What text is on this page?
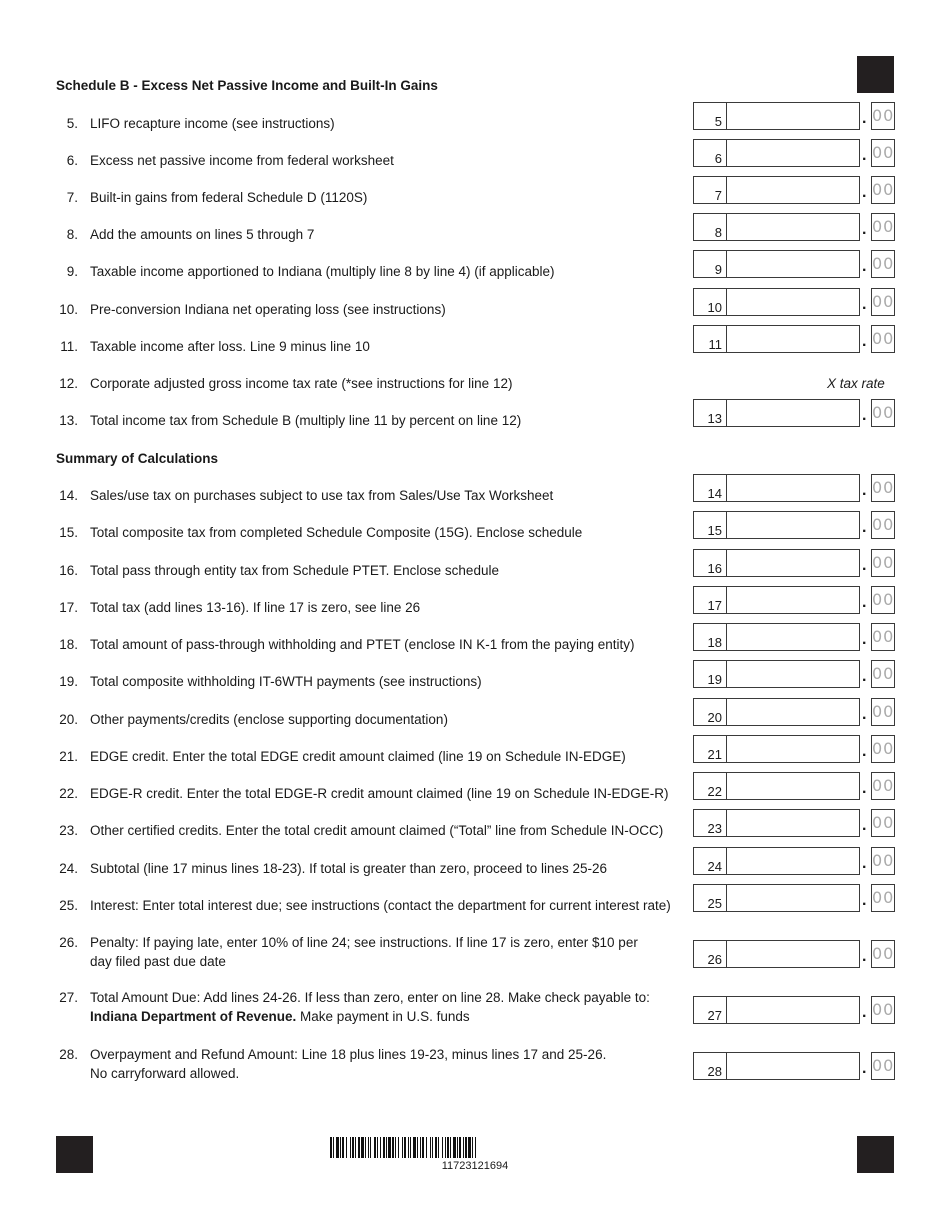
Schedule B - Excess Net Passive Income and Built-In Gains
Summary of Calculations
5. LIFO recapture income (see instructions)	5	. 00
6. Excess net passive income from federal worksheet	6	. 00
7. Built-in gains from federal Schedule D (1120S)	7	. 00
8. Add the amounts on lines 5 through 7	8	. 00
9. Taxable income apportioned to Indiana (multiply line 8 by line 4) (if applicable)	9	. 00
10. Pre-conversion Indiana net operating loss (see instructions)	10	. 00
11. Taxable income after loss. Line 9 minus line 10	11	. 00
12. Corporate adjusted gross income tax rate (*see instructions for line 12)	X tax rate
13. Total income tax from Schedule B (multiply line 11 by percent on line 12)	13	. 00
14. Sales/use tax on purchases subject to use tax from Sales/Use Tax Worksheet	14	. 00
15. Total composite tax from completed Schedule Composite (15G). Enclose schedule	15	. 00
16. Total pass through entity tax from Schedule PTET. Enclose schedule	16	. 00
17. Total tax (add lines 13-16). If line 17 is zero, see line 26	17	. 00
18. Total amount of pass-through withholding and PTET (enclose IN K-1 from the paying entity)	18	. 00
19. Total composite withholding IT-6WTH payments (see instructions)	19	. 00
20. Other payments/credits (enclose supporting documentation)	20	. 00
21. EDGE credit. Enter the total EDGE credit amount claimed (line 19 on Schedule IN-EDGE)	21	. 00
22. EDGE-R credit. Enter the total EDGE-R credit amount claimed (line 19 on Schedule IN-EDGE-R)	22	. 00
23. Other certified credits. Enter the total credit amount claimed (“Total” line from Schedule IN-OCC)	23	. 00
24. Subtotal (line 17 minus lines 18-23). If total is greater than zero, proceed to lines 25-26	24	. 00
25. Interest: Enter total interest due; see instructions (contact the department for current interest rate)	25	. 00
26. Penalty: If paying late, enter 10% of line 24; see instructions. If line 17 is zero, enter $10 per
day filed past due date	26	. 00
27. Total Amount Due: Add lines 24-26. If less than zero, enter on line 28. Make check payable to:
Indiana Department of Revenue. Make payment in U.S. funds	27	. 00
28. Overpayment and Refund Amount: Line 18 plus lines 19-23, minus lines 17 and 25-26.
No carryforward allowed.	28	. 00
11723121694
